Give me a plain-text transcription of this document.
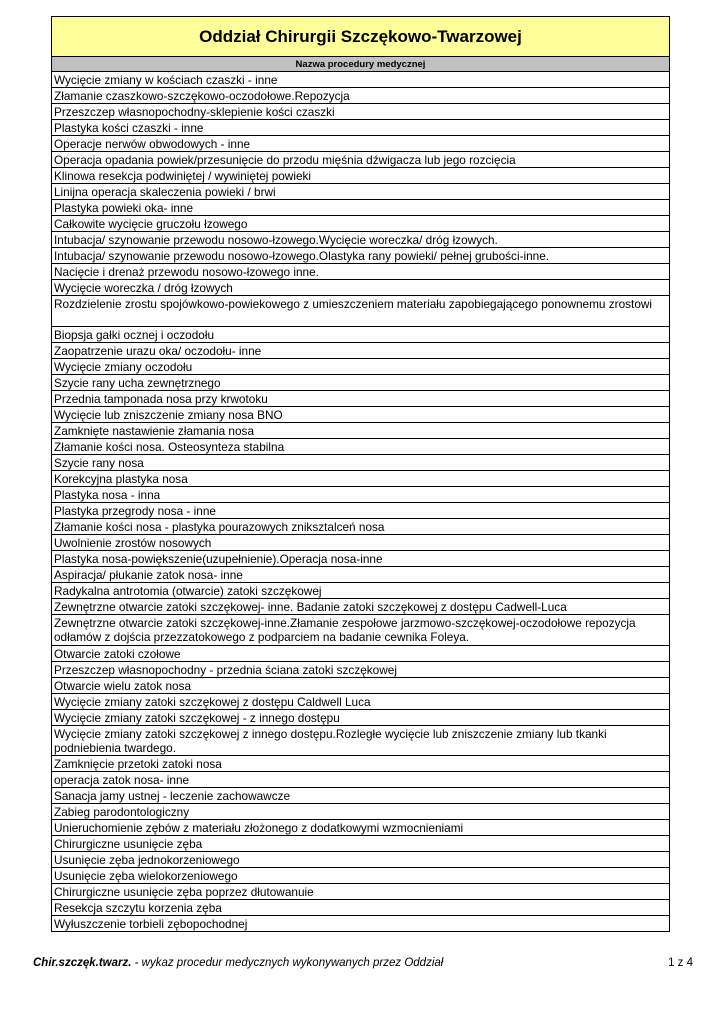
Oddział Chirurgii Szczękowo-Twarzowej
Nazwa procedury medycznej
Wycięcie zmiany w kościach czaszki - inne
Złamanie czaszkowo-szczękowo-oczodołowe.Repozycja
Przeszczep własnopochodny-sklepienie kości czaszki
Plastyka kości czaszki - inne
Operacje nerwów obwodowych - inne
Operacja opadania powiek/przesunięcie do przodu mięśnia dźwigacza lub jego rozcięcia
Klinowa resekcja podwiniętej / wywiniętej powieki
Linijna operacja skaleczenia powieki / brwi
Plastyka powieki oka- inne
Całkowite wycięcie gruczołu łzowego
Intubacja/ szynowanie przewodu nosowo-łzowego.Wycięcie woreczka/ dróg łzowych.
Intubacja/ szynowanie przewodu nosowo-łzowego.Olastyka rany powieki/ pełnej grubości-inne.
Nacięcie i drenaż przewodu nosowo-łzowego inne.
Wycięcie woreczka / dróg łzowych
Rozdzielenie zrostu spojówkowo-powiekowego z umieszczeniem materiału zapobiegającego ponownemu zrostowi
Biopsja gałki ocznej i oczodołu
Zaopatrzenie urazu oka/ oczodołu- inne
Wycięcie zmiany oczodołu
Szycie rany ucha zewnętrznego
Przednia tamponada nosa przy krwotoku
Wycięcie lub zniszczenie zmiany nosa BNO
Zamknięte nastawienie złamania nosa
Złamanie kości nosa. Osteosynteza stabilna
Szycie rany nosa
Korekcyjna plastyka nosa
Plastyka nosa - inna
Plastyka przegrody nosa - inne
Złamanie kości nosa - plastyka pourazowych zniksztalceń nosa
Uwolnienie zrostów nosowych
Plastyka nosa-powiększenie(uzupełnienie).Operacja nosa-inne
Aspiracja/ płukanie zatok nosa- inne
Radykalna antrotomia (otwarcie) zatoki szczękowej
Zewnętrzne otwarcie zatoki szczękowej- inne. Badanie zatoki szczękowej z dostępu Cadwell-Luca
Zewnętrzne otwarcie zatoki szczękowej-inne.Złamanie zespołowe jarzmowo-szczękowej-oczodołowe repozycja odłamów z dojścia przezzatokowego z podparciem na badanie cewnika Foleya.
Otwarcie zatoki czołowe
Przeszczep własnopochodny - przednia ściana zatoki szczękowej
Otwarcie wielu zatok nosa
Wycięcie zmiany zatoki szczękowej z dostępu Caldwell Luca
Wycięcie zmiany zatoki szczękowej - z innego dostępu
Wycięcie zmiany zatoki szczękowej z innego dostępu.Rozległe wycięcie lub zniszczenie zmiany lub tkanki podniebienia twardego.
Zamknięcie przetoki zatoki nosa
operacja zatok nosa- inne
Sanacja jamy ustnej - leczenie zachowawcze
Zabieg parodontologiczny
Unieruchomienie zębów z materiału złożonego z dodatkowymi wzmocnieniami
Chirurgiczne usunięcie zęba
Usunięcie zęba jednokorzeniowego
Usunięcie zęba wielokorzeniowego
Chirurgiczne usunięcie zęba poprzez dłutowanuie
Resekcja szczytu korzenia zęba
Wyłuszczenie torbieli zębopochodnej
Chir.szczęk.twarz. - wykaz procedur medycznych wykonywanych przez Oddział	1 z 4
